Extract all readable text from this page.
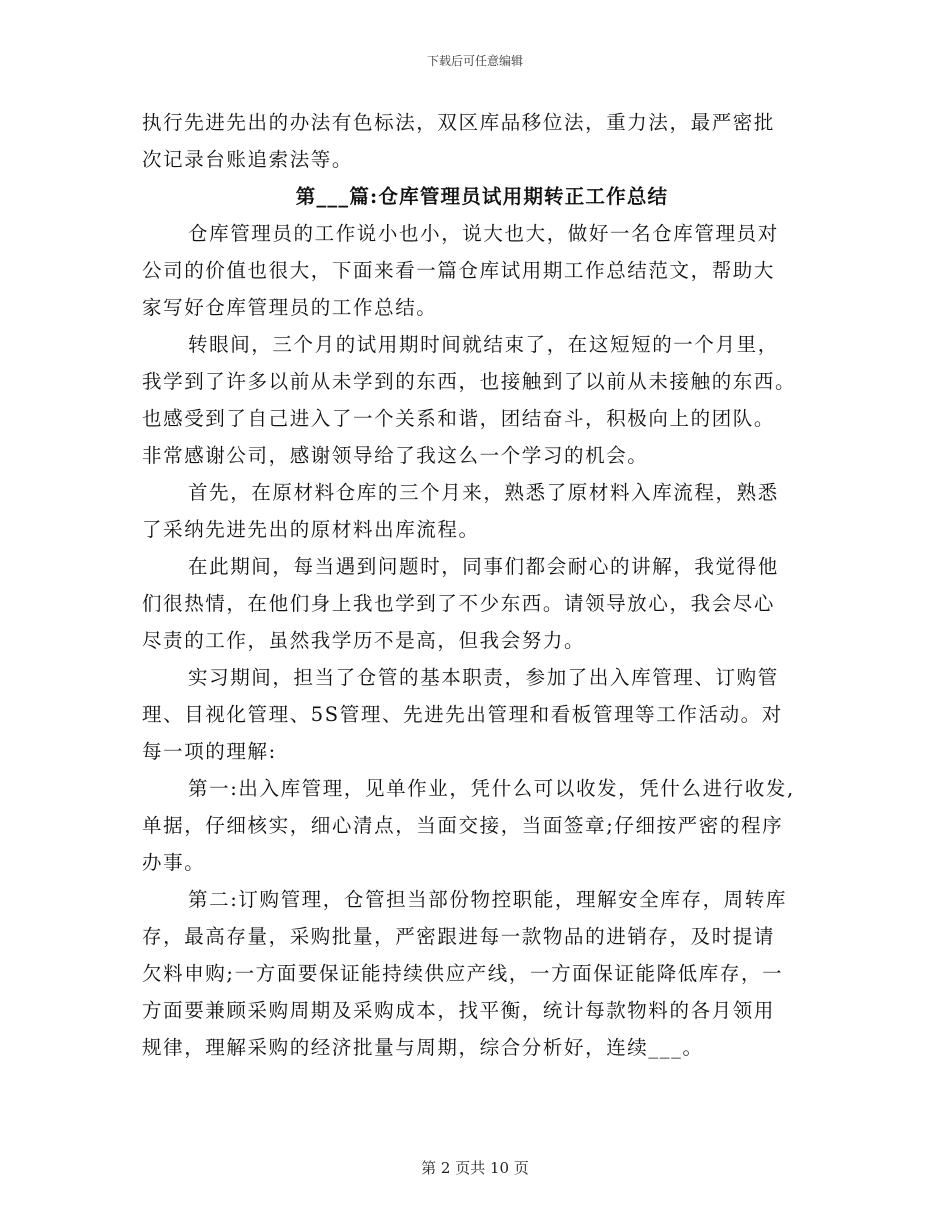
下载后可任意编辑
执行先进先出的办法有色标法，双区库品移位法，重力法，最严密批
次记录台账追索法等。
第___篇:仓库管理员试用期转正工作总结
仓库管理员的工作说小也小，说大也大，做好一名仓库管理员对
公司的价值也很大，下面来看一篇仓库试用期工作总结范文，帮助大
家写好仓库管理员的工作总结。
转眼间，三个月的试用期时间就结束了，在这短短的一个月里，
我学到了许多以前从未学到的东西，也接触到了以前从未接触的东西。
也感受到了自己进入了一个关系和谐，团结奋斗，积极向上的团队。
非常感谢公司，感谢领导给了我这么一个学习的机会。
首先，在原材料仓库的三个月来，熟悉了原材料入库流程，熟悉
了采纳先进先出的原材料出库流程。
在此期间，每当遇到问题时，同事们都会耐心的讲解，我觉得他
们很热情，在他们身上我也学到了不少东西。请领导放心，我会尽心
尽责的工作，虽然我学历不是高，但我会努力。
实习期间，担当了仓管的基本职责，参加了出入库管理、订购管
理、目视化管理、5S管理、先进先出管理和看板管理等工作活动。对
每一项的理解:
第一:出入库管理，见单作业，凭什么可以收发，凭什么进行收发,
单据，仔细核实，细心清点，当面交接，当面签章;仔细按严密的程序
办事。
第二:订购管理，仓管担当部份物控职能，理解安全库存，周转库
存，最高存量，采购批量，严密跟进每一款物品的进销存，及时提请
欠料申购;一方面要保证能持续供应产线，一方面保证能降低库存，一
方面要兼顾采购周期及采购成本，找平衡，统计每款物料的各月领用
规律，理解采购的经济批量与周期，综合分析好，连续___。
第 2 页共 10 页
